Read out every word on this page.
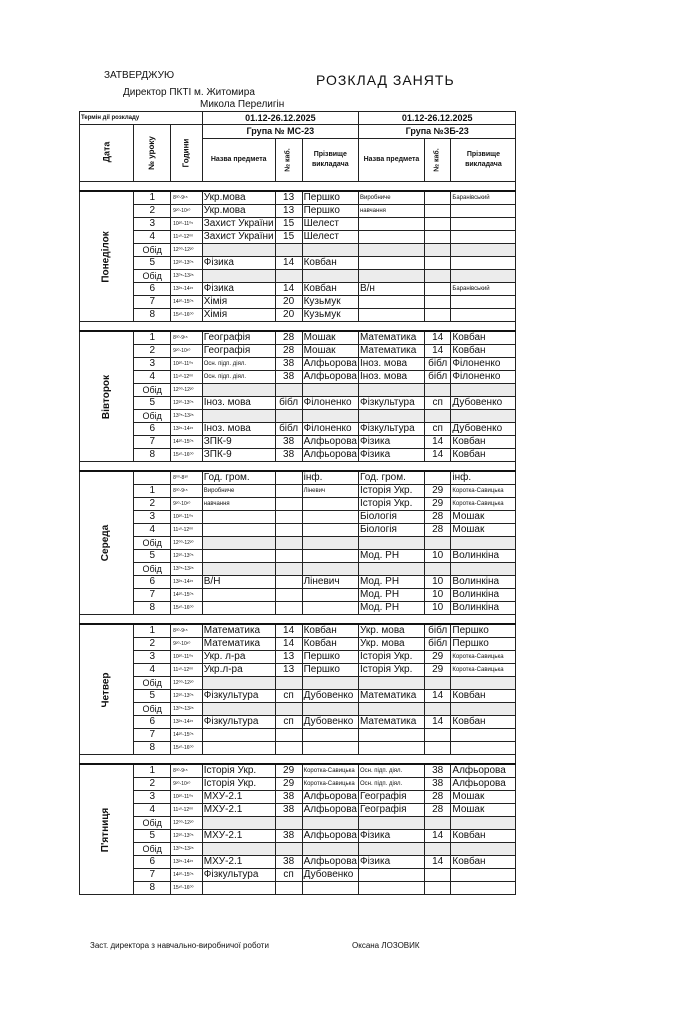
ЗАТВЕРДЖУЮ
Директор ПКТІ м. Житомира
Микола Перелигін
РОЗКЛАД ЗАНЯТЬ
Термін дії розкладу			01.12-26.12.2025			01.12-26.12.2025		
Дата	№ уроку	Години	Група № МС-23			Група №ЗБ-23		
			Назва предмета	№ каб.	Прізвище викладача	Назва предмета	№ каб.	Прізвище викладача

Понеділок	1	8³⁰-9¹⁵	Укр.мова	13	Першко	Виробниче		Баранівський
	2	9²⁰-10¹⁰	Укр.мова	13	Першко	навчання		
	3	10²⁰-11⁰⁵	Захист України	15	Шелест			
	4	11¹⁰-12⁰⁰	Захист України	15	Шелест			
	Обід	12⁰⁰-12²⁰						
	5	12²⁰-13⁰⁵	Фізика	14	Ковбан			
	Обід	13⁰⁵-13²⁵						
	6	13²⁵-14¹⁵	Фізика	14	Ковбан	В/н		Баранівський
	7	14²⁰-15⁰⁵	Хімія	20	Кузьмук			
	8	15¹⁰-16⁰⁰	Хімія	20	Кузьмук			

Вівторок	1	8³⁰-9¹⁵	Географія	28	Мошак	Математика	14	Ковбан
	2	9²⁰-10¹⁰	Географія	28	Мошак	Математика	14	Ковбан
	3	10²⁰-11⁰⁵	Осн. підп. діял.	38	Алфьорова	Іноз. мова	бібл	Філоненко
	4	11¹⁰-12⁰⁰	Осн. підп. діял.	38	Алфьорова	Іноз. мова	бібл	Філоненко
	Обід	12⁰⁰-12²⁰						
	5	12²⁰-13⁰⁵	Іноз. мова	бібл	Філоненко	Фізкультура	сп	Дубовенко
	Обід	13⁰⁵-13²⁵						
	6	13²⁵-14¹⁵	Іноз. мова	бібл	Філоненко	Фізкультура	сп	Дубовенко
	7	14²⁰-15⁰⁵	ЗПК-9	38	Алфьорова	Фізика	14	Ковбан
	8	15¹⁰-16⁰⁰	ЗПК-9	38	Алфьорова	Фізика	14	Ковбан

Середа		8⁰⁰-8³⁰	Год. гром.		інф.	Год. гром.		інф.
	1	8³⁰-9¹⁵	Виробниче		Ліневич	Історія Укр.	29	Коротка-Савицька
	2	9²⁰-10¹⁰	навчання			Історія Укр.	29	Коротка-Савицька
	3	10²⁰-11⁰⁵				Біологія	28	Мошак
	4	11¹⁰-12⁰⁰				Біологія	28	Мошак
	Обід	12⁰⁰-12²⁰						
	5	12²⁰-13⁰⁵				Мод. РН	10	Волинкіна
	Обід	13⁰⁵-13²⁵						
	6	13²⁵-14¹⁵	В/Н		Ліневич	Мод. РН	10	Волинкіна
	7	14²⁰-15⁰⁵				Мод. РН	10	Волинкіна
	8	15¹⁰-16⁰⁰				Мод. РН	10	Волинкіна

Четвер	1	8³⁰-9¹⁵	Математика	14	Ковбан	Укр. мова	бібл	Першко
	2	9²⁰-10¹⁰	Математика	14	Ковбан	Укр. мова	бібл	Першко
	3	10²⁰-11⁰⁵	Укр. л-ра	13	Першко	Історія Укр.	29	Коротка-Савицька
	4	11¹⁰-12⁰⁰	Укр.л-ра	13	Першко	Історія Укр.	29	Коротка-Савицька
	Обід	12⁰⁰-12²⁰						
	5	12²⁰-13⁰⁵	Фізкультура	сп	Дубовенко	Математика	14	Ковбан
	Обід	13⁰⁵-13²⁵						
	6	13²⁵-14¹⁵	Фізкультура	сп	Дубовенко	Математика	14	Ковбан
	7	14²⁰-15⁰⁵						
	8	15¹⁰-16⁰⁰						

П'ятниця	1	8³⁰-9¹⁵	Історія Укр.	29	Коротка-Савицька	Осн. підп. діял.	38	Алфьорова
	2	9²⁰-10¹⁰	Історія Укр.	29	Коротка-Савицька	Осн. підп. діял.	38	Алфьорова
	3	10²⁰-11⁰⁵	МХУ-2.1	38	Алфьорова	Географія	28	Мошак
	4	11¹⁰-12⁰⁰	МХУ-2.1	38	Алфьорова	Географія	28	Мошак
	Обід	12⁰⁰-12²⁰						
	5	12²⁰-13⁰⁵	МХУ-2.1	38	Алфьорова	Фізика	14	Ковбан
	Обід	13⁰⁵-13²⁵						
	6	13²⁵-14¹⁵	МХУ-2.1	38	Алфьорова	Фізика	14	Ковбан
	7	14²⁰-15⁰⁵	Фізкультура	сп	Дубовенко			
	8	15¹⁰-16⁰⁰						
Заст. директора з навчально-виробничої роботи	Оксана ЛОЗОВИК
